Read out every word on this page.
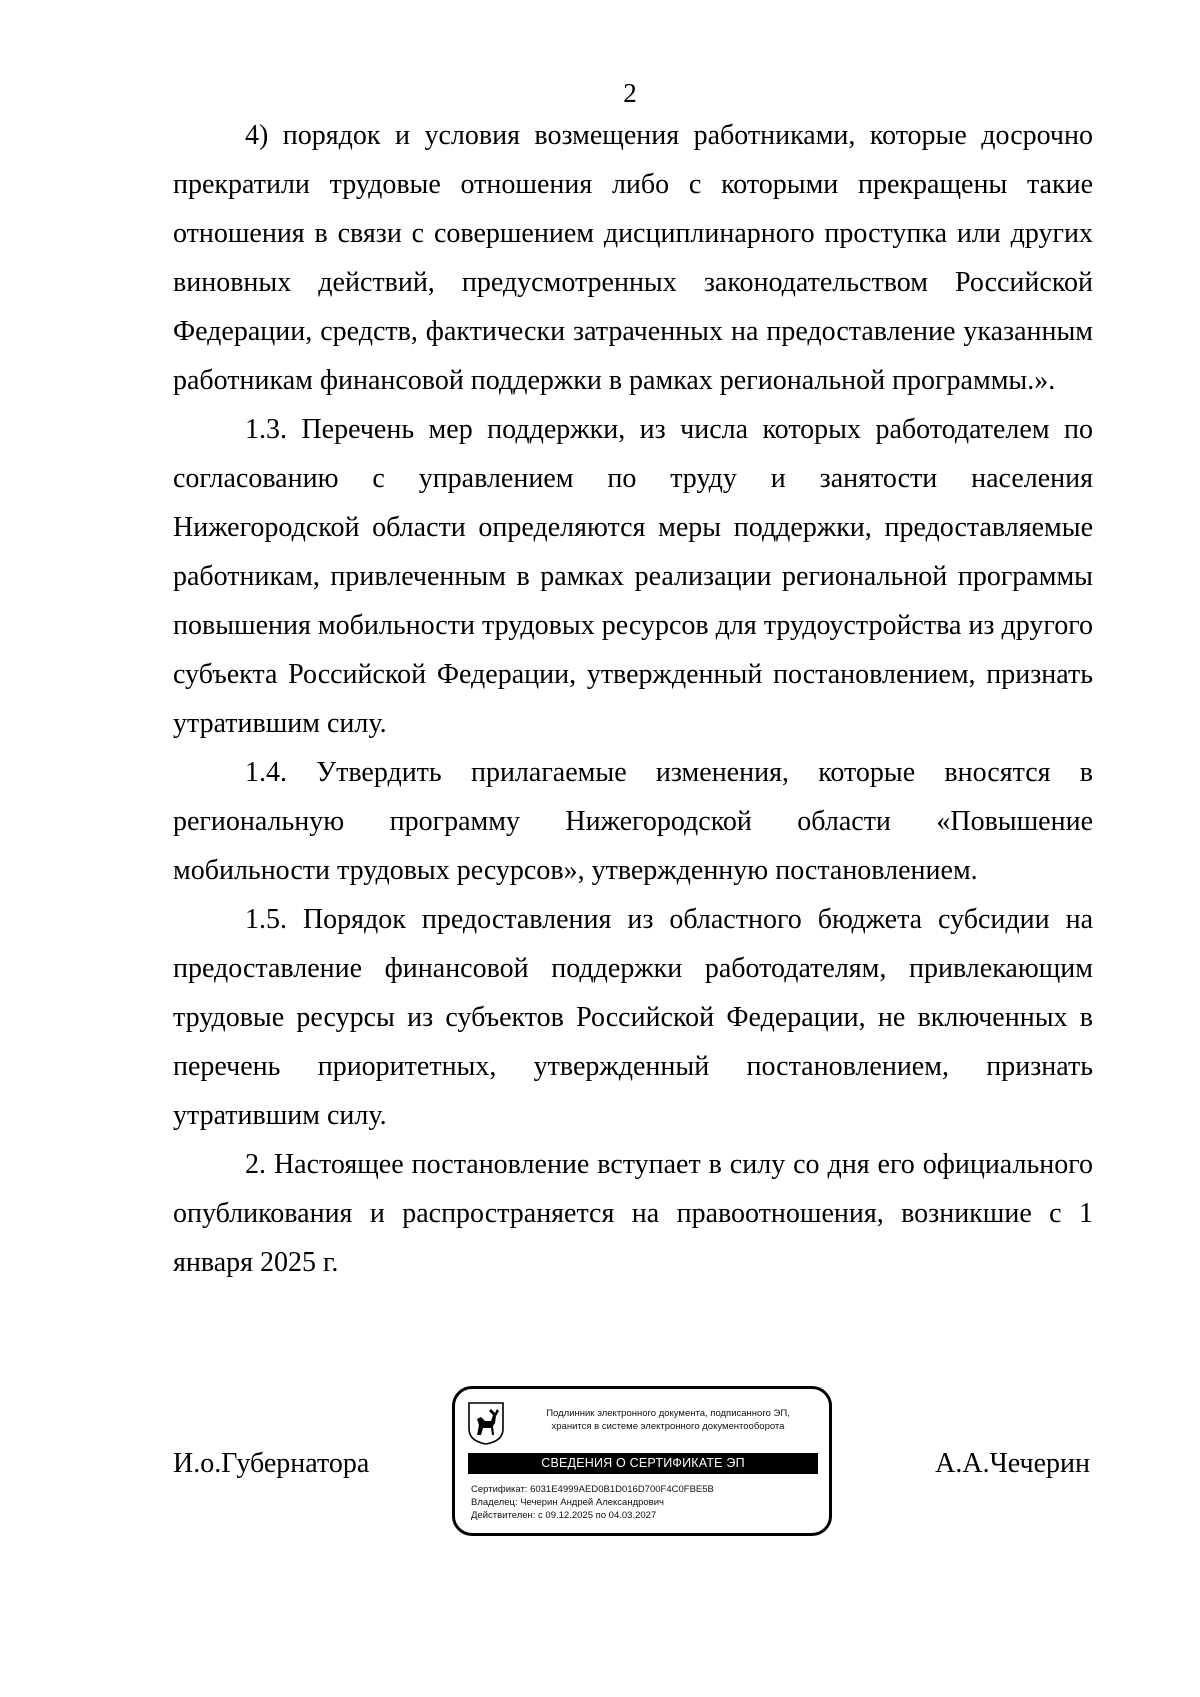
2

4) порядок и условия возмещения работниками, которые досрочно прекратили трудовые отношения либо с которыми прекращены такие отношения в связи с совершением дисциплинарного проступка или других виновных действий, предусмотренных законодательством Российской Федерации, средств, фактически затраченных на предоставление указанным работникам финансовой поддержки в рамках региональной программы.».

1.3. Перечень мер поддержки, из числа которых работодателем по согласованию с управлением по труду и занятости населения Нижегородской области определяются меры поддержки, предоставляемые работникам, привлеченным в рамках реализации региональной программы повышения мобильности трудовых ресурсов для трудоустройства из другого субъекта Российской Федерации, утвержденный постановлением, признать утратившим силу.

1.4. Утвердить прилагаемые изменения, которые вносятся в региональную программу Нижегородской области «Повышение мобильности трудовых ресурсов», утвержденную постановлением.

1.5. Порядок предоставления из областного бюджета субсидии на предоставление финансовой поддержки работодателям, привлекающим трудовые ресурсы из субъектов Российской Федерации, не включенных в перечень приоритетных, утвержденный постановлением, признать утратившим силу.

2. Настоящее постановление вступает в силу со дня его официального опубликования и распространяется на правоотношения, возникшие с 1 января 2025 г.

И.о.Губернатора
Подлинник электронного документа, подписанного ЭП,
хранится в системе электронного документооборота
СВЕДЕНИЯ О СЕРТИФИКАТЕ ЭП
Сертификат: 6031E4999AED0B1D016D700F4C0FBE5B
Владелец: Чечерин Андрей Александрович
Действителен: с 09.12.2025 по 04.03.2027
А.А.Чечерин
